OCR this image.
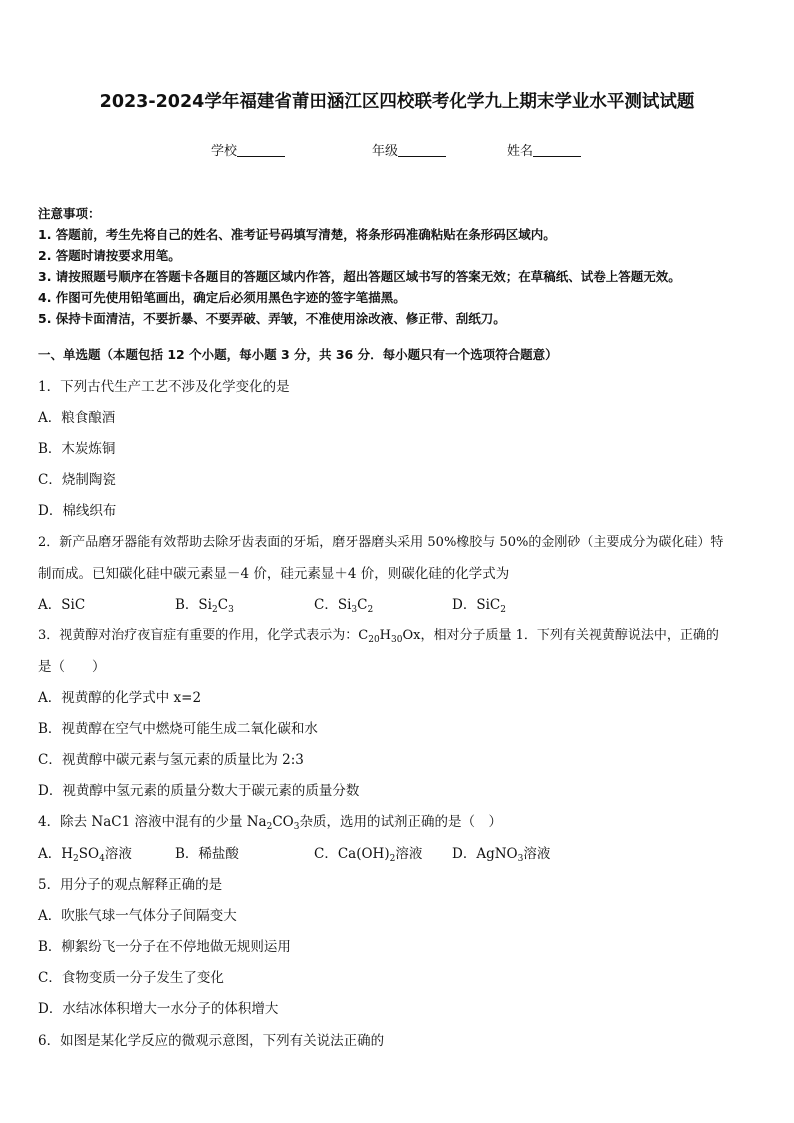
2023-2024学年福建省莆田涵江区四校联考化学九上期末学业水平测试试题
学校	年级	姓名
注意事项：
1. 答题前，考生先将自己的姓名、准考证号码填写清楚，将条形码准确粘贴在条形码区域内。
2. 答题时请按要求用笔。
3. 请按照题号顺序在答题卡各题目的答题区域内作答，超出答题区域书写的答案无效；在草稿纸、试卷上答题无效。
4. 作图可先使用铅笔画出，确定后必须用黑色字迹的签字笔描黑。
5. 保持卡面清洁，不要折暴、不要弄破、弄皱，不准使用涂改液、修正带、刮纸刀。
一、单选题（本题包括 12 个小题，每小题 3 分，共 36 分．每小题只有一个选项符合题意）
1．下列古代生产工艺不涉及化学变化的是
A．粮食酿酒
B．木炭炼铜
C．烧制陶瓷
D．棉线织布
2．新产品磨牙器能有效帮助去除牙齿表面的牙垢，磨牙器磨头采用 50%橡胶与 50%的金刚砂（主要成分为碳化硅）特
制而成。已知碳化硅中碳元素显－4 价，硅元素显＋4 价，则碳化硅的化学式为
A．SiC	B．$Si_2C_3$	C．$Si_3C_2$	D．SiC$_2$
3．视黄醇对治疗夜盲症有重要的作用，化学式表示为：$C_{20}H_{30}Ox$，相对分子质量 1．下列有关视黄醇说法中，正确的
是（　　）
A．视黄醇的化学式中 x=2
B．视黄醇在空气中燃烧可能生成二氧化碳和水
C．视黄醇中碳元素与氢元素的质量比为 2:3
D．视黄醇中氢元素的质量分数大于碳元素的质量分数
4．除去 NaC1 溶液中混有的少量 $Na_2CO_3$杂质，选用的试剂正确的是（　）
A．$H_2SO_4$溶液	B．稀盐酸	C．$Ca(OH)_2$溶液 D．AgNO$_3$溶液
5．用分子的观点解释正确的是
A．吹胀气球一气体分子间隔变大
B．柳絮纷飞一分子在不停地做无规则运用
C．食物变质一分子发生了变化
D．水结冰体积增大一水分子的体积增大
6．如图是某化学反应的微观示意图，下列有关说法正确的
